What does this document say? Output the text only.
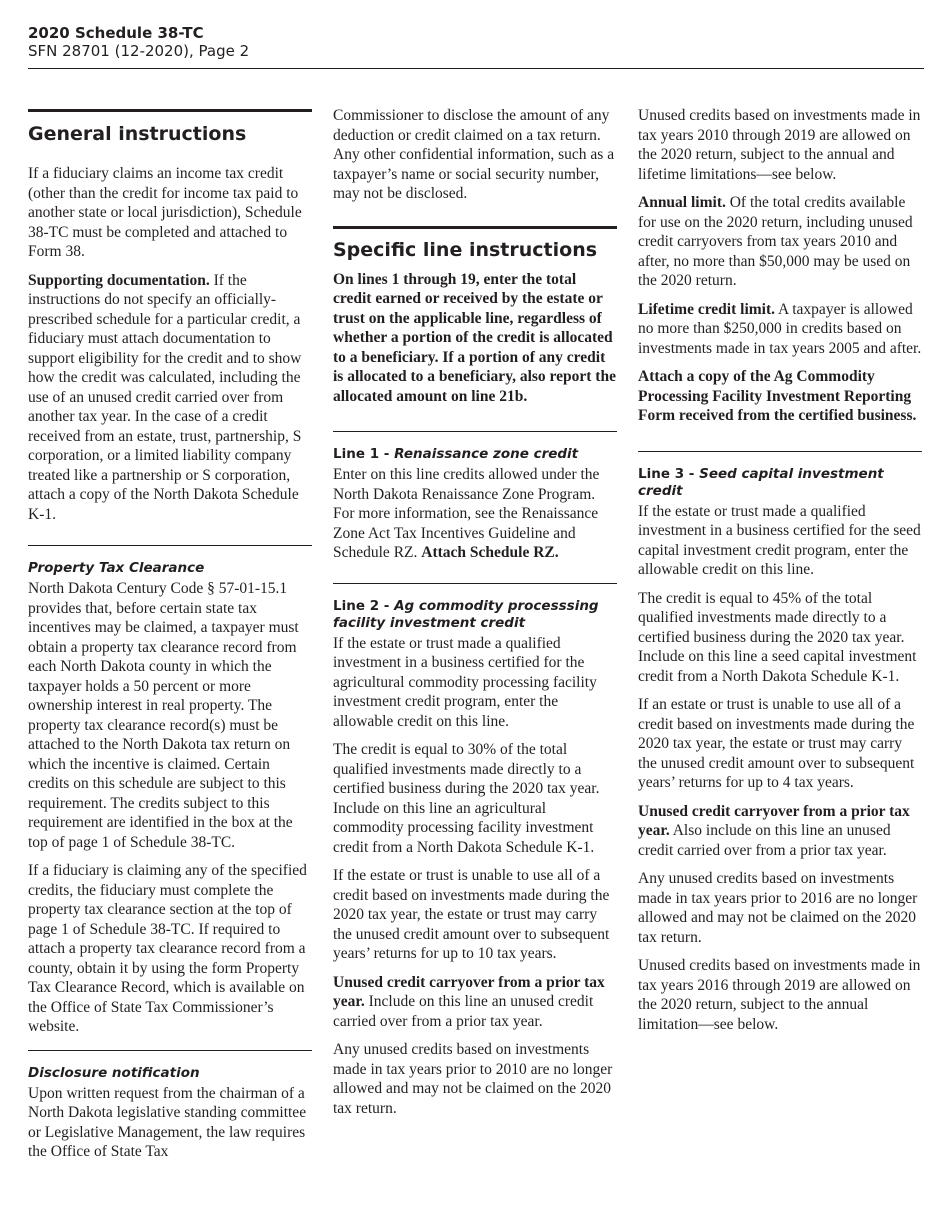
2020 Schedule 38-TC
SFN 28701 (12-2020), Page 2
General instructions

If a fiduciary claims an income tax credit (other than the credit for income tax paid to another state or local jurisdiction), Schedule 38-TC must be completed and attached to Form 38.

Supporting documentation. If the instructions do not specify an officially-prescribed schedule for a particular credit, a fiduciary must attach documentation to support eligibility for the credit and to show how the credit was calculated, including the use of an unused credit carried over from another tax year. In the case of a credit received from an estate, trust, partnership, S corporation, or a limited liability company treated like a partnership or S corporation, attach a copy of the North Dakota Schedule K-1.

Property Tax Clearance

North Dakota Century Code § 57-01-15.1 provides that, before certain state tax incentives may be claimed, a taxpayer must obtain a property tax clearance record from each North Dakota county in which the taxpayer holds a 50 percent or more ownership interest in real property. The property tax clearance record(s) must be attached to the North Dakota tax return on which the incentive is claimed. Certain credits on this schedule are subject to this requirement. The credits subject to this requirement are identified in the box at the top of page 1 of Schedule 38-TC.

If a fiduciary is claiming any of the specified credits, the fiduciary must complete the property tax clearance section at the top of page 1 of Schedule 38-TC. If required to attach a property tax clearance record from a county, obtain it by using the form Property Tax Clearance Record, which is available on the Office of State Tax Commissioner’s website.

Disclosure notification

Upon written request from the chairman of a North Dakota legislative standing committee or Legislative Management, the law requires the Office of State Tax

Commissioner to disclose the amount of any deduction or credit claimed on a tax return. Any other confidential information, such as a taxpayer’s name or social security number, may not be disclosed.

Specific line instructions

On lines 1 through 19, enter the total credit earned or received by the estate or trust on the applicable line, regardless of whether a portion of the credit is allocated to a beneficiary. If a portion of any credit is allocated to a beneficiary, also report the allocated amount on line 21b.

Line 1 - Renaissance zone credit

Enter on this line credits allowed under the North Dakota Renaissance Zone Program. For more information, see the Renaissance Zone Act Tax Incentives Guideline and Schedule RZ. Attach Schedule RZ.

Line 2 - Ag commodity processsing facility investment credit

If the estate or trust made a qualified investment in a business certified for the agricultural commodity processing facility investment credit program, enter the allowable credit on this line.

The credit is equal to 30% of the total qualified investments made directly to a certified business during the 2020 tax year. Include on this line an agricultural commodity processing facility investment credit from a North Dakota Schedule K-1.

If the estate or trust is unable to use all of a credit based on investments made during the 2020 tax year, the estate or trust may carry the unused credit amount over to subsequent years’ returns for up to 10 tax years.

Unused credit carryover from a prior tax year. Include on this line an unused credit carried over from a prior tax year.

Any unused credits based on investments made in tax years prior to 2010 are no longer allowed and may not be claimed on the 2020 tax return.

Unused credits based on investments made in tax years 2010 through 2019 are allowed on the 2020 return, subject to the annual and lifetime limitations—see below.

Annual limit. Of the total credits available for use on the 2020 return, including unused credit carryovers from tax years 2010 and after, no more than $50,000 may be used on the 2020 return.

Lifetime credit limit. A taxpayer is allowed no more than $250,000 in credits based on investments made in tax years 2005 and after.

Attach a copy of the Ag Commodity Processing Facility Investment Reporting Form received from the certified business.

Line 3 - Seed capital investment credit

If the estate or trust made a qualified investment in a business certified for the seed capital investment credit program, enter the allowable credit on this line.

The credit is equal to 45% of the total qualified investments made directly to a certified business during the 2020 tax year. Include on this line a seed capital investment credit from a North Dakota Schedule K-1.

If an estate or trust is unable to use all of a credit based on investments made during the 2020 tax year, the estate or trust may carry the unused credit amount over to subsequent years’ returns for up to 4 tax years.

Unused credit carryover from a prior tax year. Also include on this line an unused credit carried over from a prior tax year.

Any unused credits based on investments made in tax years prior to 2016 are no longer allowed and may not be claimed on the 2020 tax return.

Unused credits based on investments made in tax years 2016 through 2019 are allowed on the 2020 return, subject to the annual limitation—see below.
